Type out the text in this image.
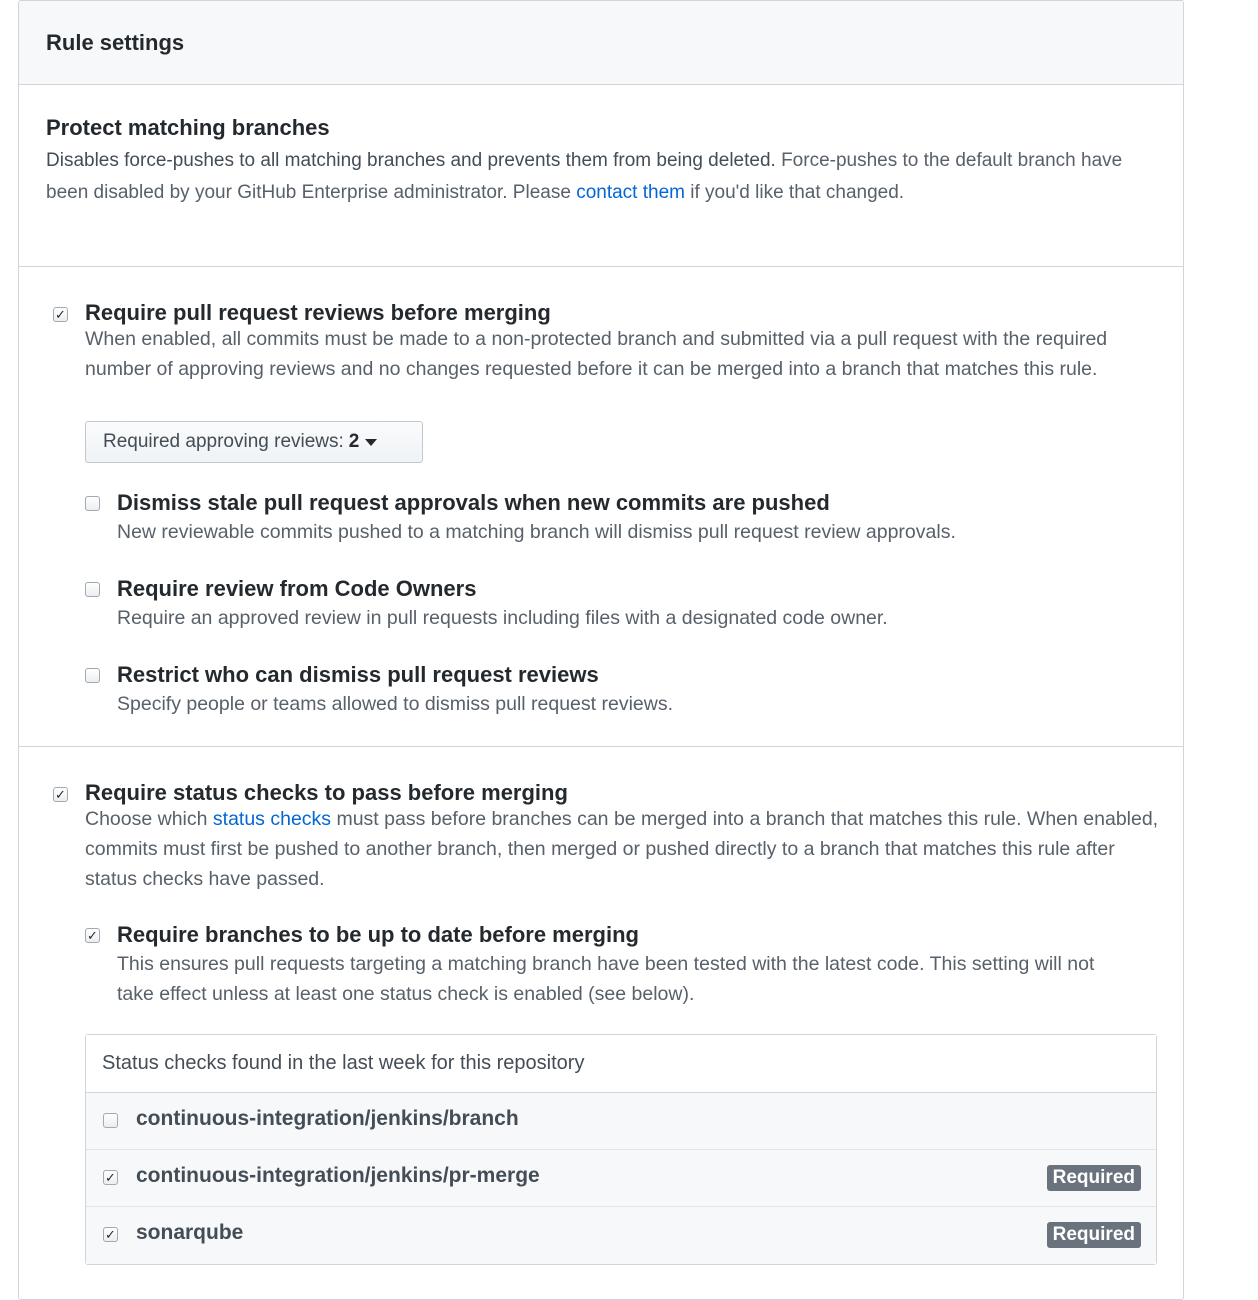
Rule settings
Protect matching branches

Disables force-pushes to all matching branches and prevents them from being deleted. Force-pushes to the default branch have been disabled by your GitHub Enterprise administrator. Please contact them if you'd like that changed.

✓ Require pull request reviews before merging
When enabled, all commits must be made to a non-protected branch and submitted via a pull request with the required number of approving reviews and no changes requested before it can be merged into a branch that matches this rule.
Required approving reviews: 2
Dismiss stale pull request approvals when new commits are pushed
New reviewable commits pushed to a matching branch will dismiss pull request review approvals.
Require review from Code Owners
Require an approved review in pull requests including files with a designated code owner.
Restrict who can dismiss pull request reviews
Specify people or teams allowed to dismiss pull request reviews.
✓ Require status checks to pass before merging
Choose which status checks must pass before branches can be merged into a branch that matches this rule. When enabled, commits must first be pushed to another branch, then merged or pushed directly to a branch that matches this rule after status checks have passed.
✓ Require branches to be up to date before merging
This ensures pull requests targeting a matching branch have been tested with the latest code. This setting will not take effect unless at least one status check is enabled (see below).
Status checks found in the last week for this repository
continuous-integration/jenkins/branch
✓ continuous-integration/jenkins/pr-merge	Required
✓ sonarqube	Required
